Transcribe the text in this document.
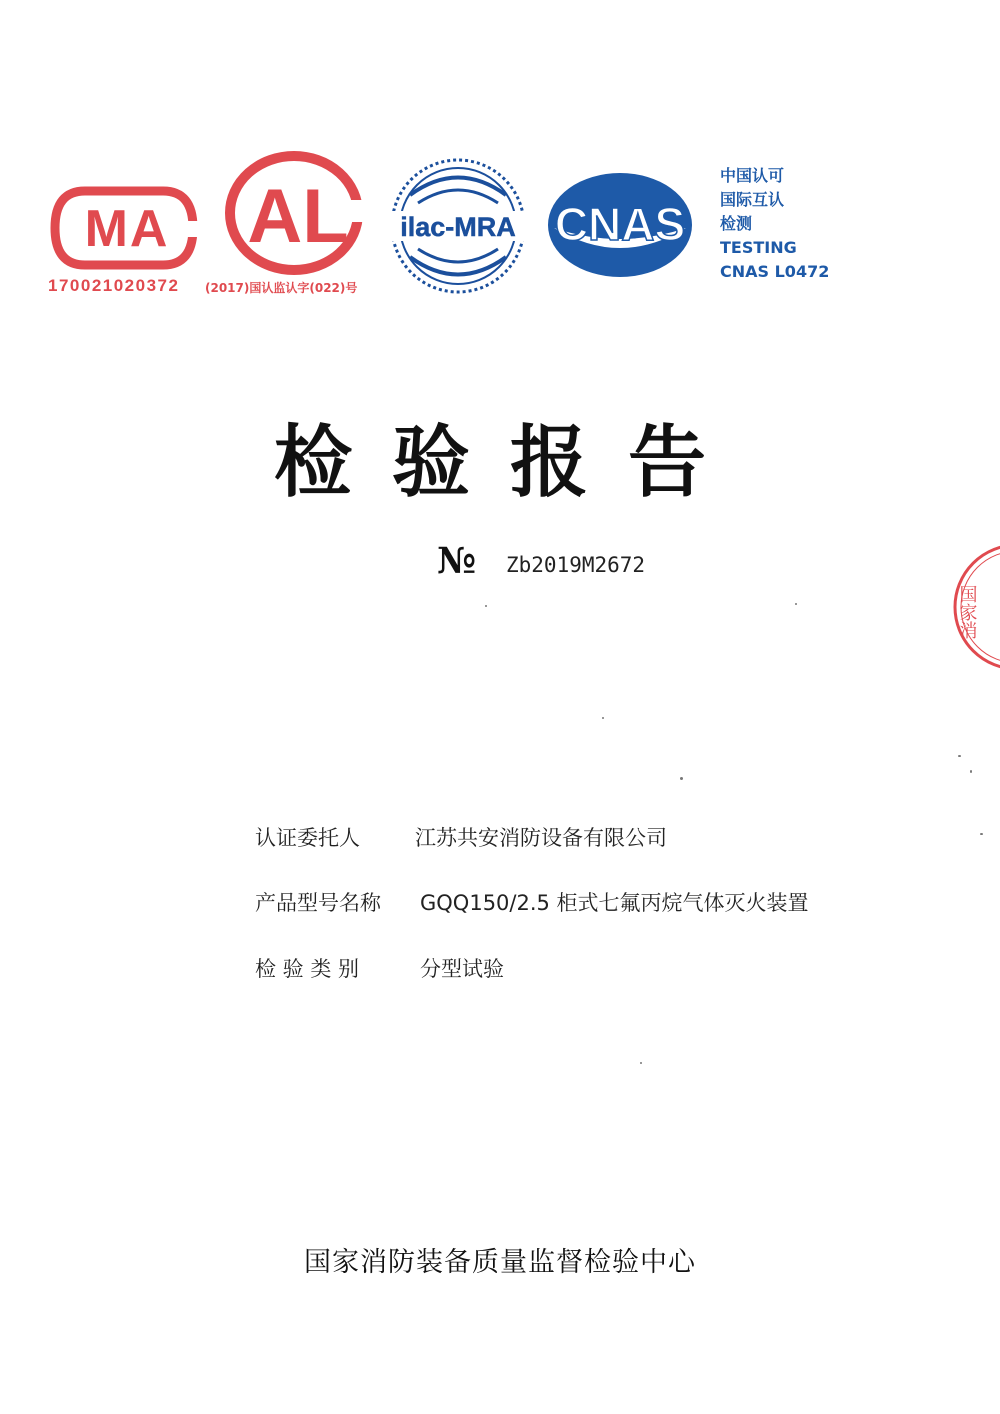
MA
170021020372
AL
(2017)国认监认字(022)号
ilac-MRA CNAS
中国认可
国际互认
检测
TESTING
CNAS L0472
检验报告
№ Zb2019M2672
认证委托人	江苏共安消防设备有限公司
产品型号名称 GQQ150/2.5 柜式七氟丙烷气体灭火装置
检 验 类 别	分型试验
国家消防装备质量监督检验中心
国家消
